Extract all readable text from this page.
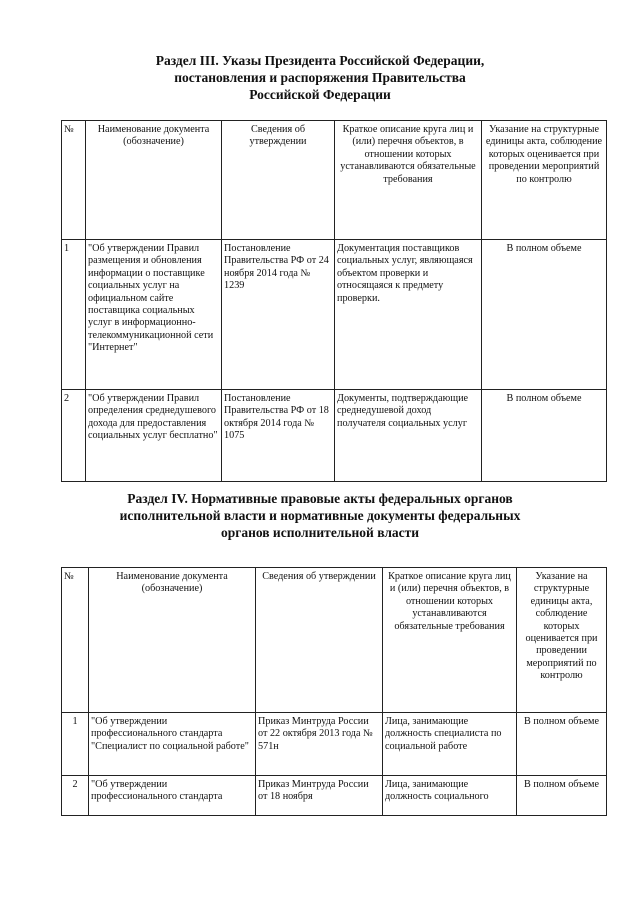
Раздел III. Указы Президента Российской Федерации,
постановления и распоряжения Правительства
Российской Федерации
№	Наименование документа (обозначение)	Сведения об утверждении	Краткое описание круга лиц и (или) перечня объектов, в отношении которых устанавливаются обязательные требования	Указание на структурные единицы акта, соблюдение которых оценивается при проведении мероприятий по контролю
1	"Об утверждении Правил размещения и обновления информации о поставщике социальных услуг на официальном сайте поставщика социальных услуг в информационно-телекоммуникационной сети "Интернет"	Постановление Правительства РФ от 24 ноября 2014 года № 1239	Документация поставщиков социальных услуг, являющаяся объектом проверки и относящаяся к предмету проверки.	В полном объеме
2	"Об утверждении Правил определения среднедушевого дохода для предоставления социальных услуг бесплатно"	Постановление Правительства РФ от 18 октября 2014 года № 1075	Документы, подтверждающие среднедушевой доход получателя социальных услуг	В полном объеме
Раздел IV. Нормативные правовые акты федеральных органов
исполнительной власти и нормативные документы федеральных
органов исполнительной власти
№	Наименование документа (обозначение)	Сведения об утверждении	Краткое описание круга лиц и (или) перечня объектов, в отношении которых устанавливаются обязательные требования	Указание на структурные единицы акта, соблюдение которых оценивается при проведении мероприятий по контролю
1	"Об утверждении профессионального стандарта "Специалист по социальной работе"	Приказ Минтруда России от 22 октября 2013 года № 571н	Лица, занимающие должность специалиста по социальной работе	В полном объеме
2	"Об утверждении профессионального стандарта	Приказ Минтруда России от 18 ноября	Лица, занимающие должность социального	В полном объеме
